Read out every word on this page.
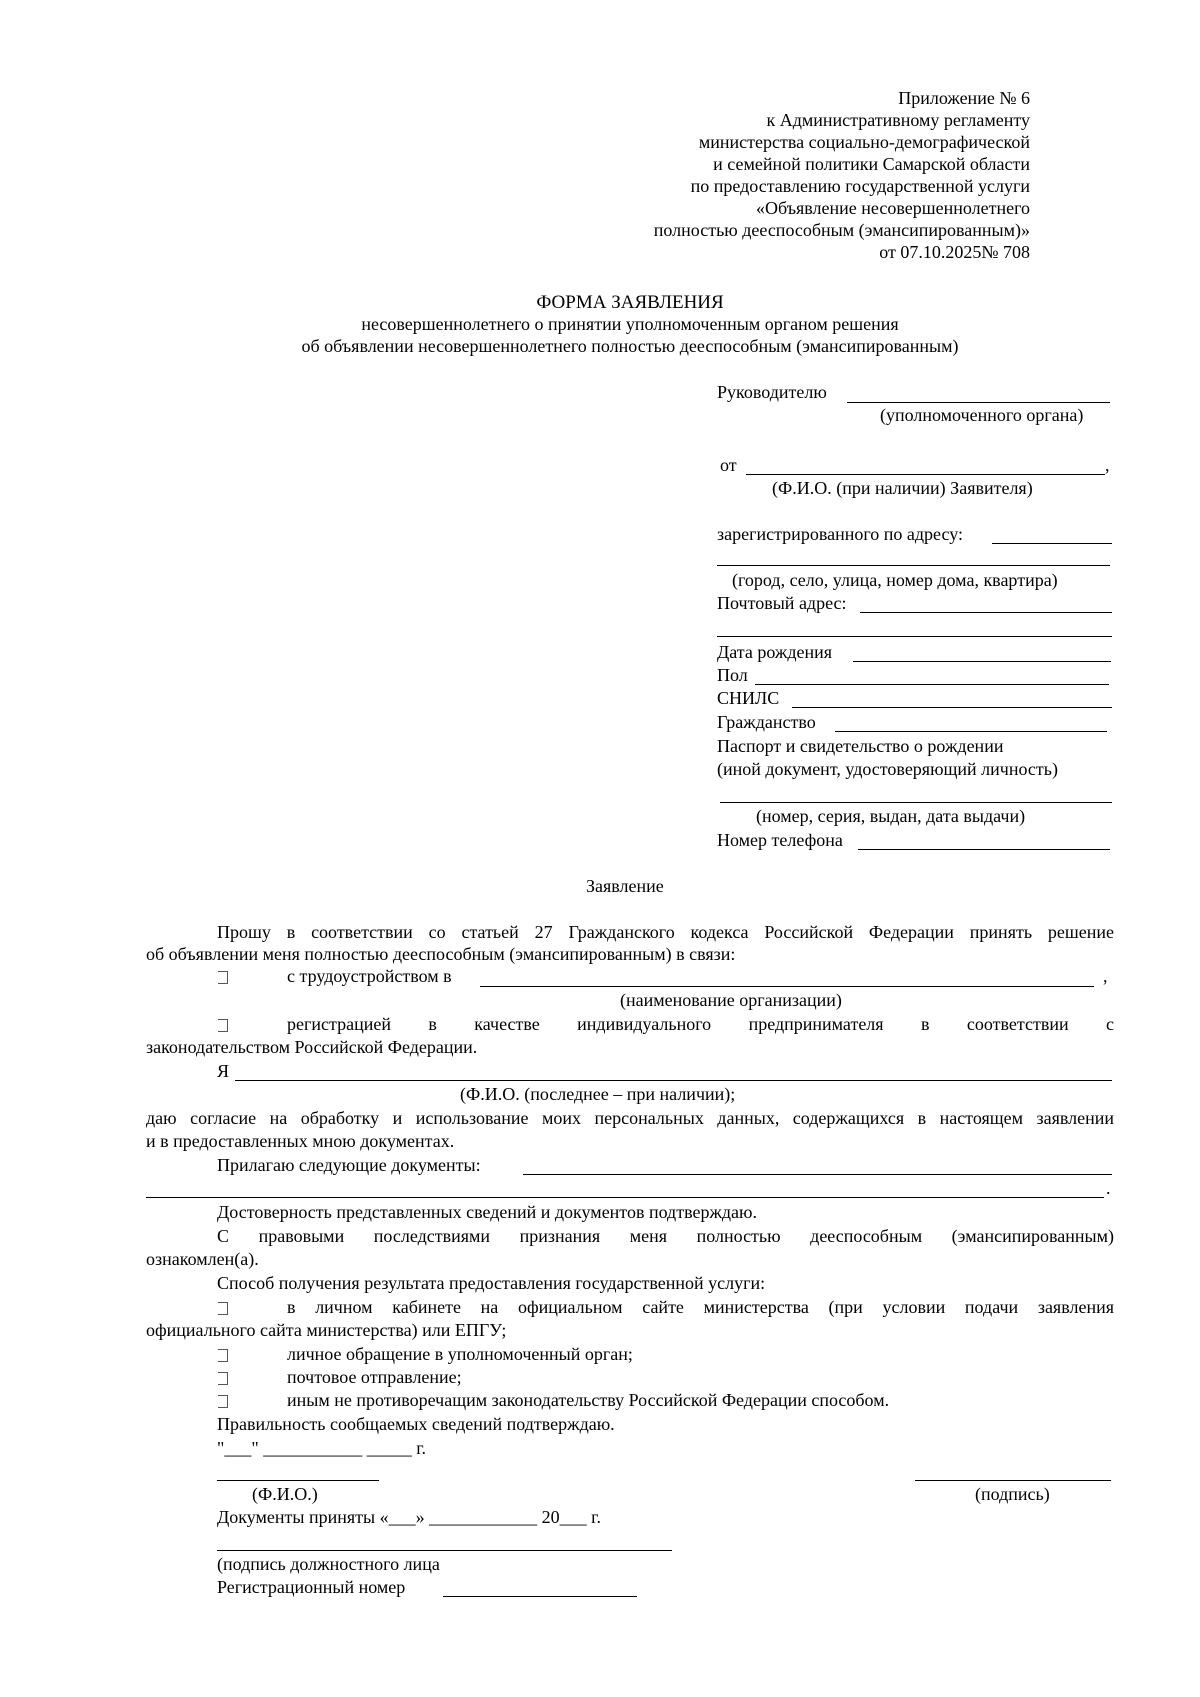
Приложение № 6
к Административному регламенту
министерства социально-демографической
и семейной политики Самарской области
по предоставлению государственной услуги
«Объявление несовершеннолетнего
полностью дееспособным (эмансипированным)»
от 07.10.2025№ 708
ФОРМА ЗАЯВЛЕНИЯ
несовершеннолетнего о принятии уполномоченным органом решения
об объявлении несовершеннолетнего полностью дееспособным (эмансипированным)
Руководителю
(уполномоченного органа)
от	,
(Ф.И.О. (при наличии) Заявителя)
зарегистрированного по адресу:
(город, село, улица, номер дома, квартира)
Почтовый адрес:
Дата рождения
Пол
СНИЛС
Гражданство
Паспорт и свидетельство о рождении
(иной документ, удостоверяющий личность)
(номер, серия, выдан, дата выдачи)
Номер телефона
Заявление
Прошу в соответствии со статьей 27 Гражданского кодекса Российской Федерации принять решение
об объявлении меня полностью дееспособным (эмансипированным) в связи:
с трудоустройством в	,
(наименование организации)
регистрацией в качестве индивидуального предпринимателя в соответствии с
законодательством Российской Федерации.
Я
(Ф.И.О. (последнее – при наличии);
даю согласие на обработку и использование моих персональных данных, содержащихся в настоящем заявлении
и в предоставленных мною документах.
Прилагаю следующие документы:
.
Достоверность представленных сведений и документов подтверждаю.
С правовыми последствиями признания меня полностью дееспособным (эмансипированным)
ознакомлен(а).
Способ получения результата предоставления государственной услуги:
в личном кабинете на официальном сайте министерства (при условии подачи заявления
официального сайта министерства) или ЕПГУ;
личное обращение в уполномоченный орган;
почтовое отправление;
иным не противоречащим законодательству Российской Федерации способом.
Правильность сообщаемых сведений подтверждаю.
"___" ___________ _____ г.
(Ф.И.О.)	(подпись)
Документы приняты «___» ____________ 20___ г.
(подпись должностного лица
Регистрационный номер
